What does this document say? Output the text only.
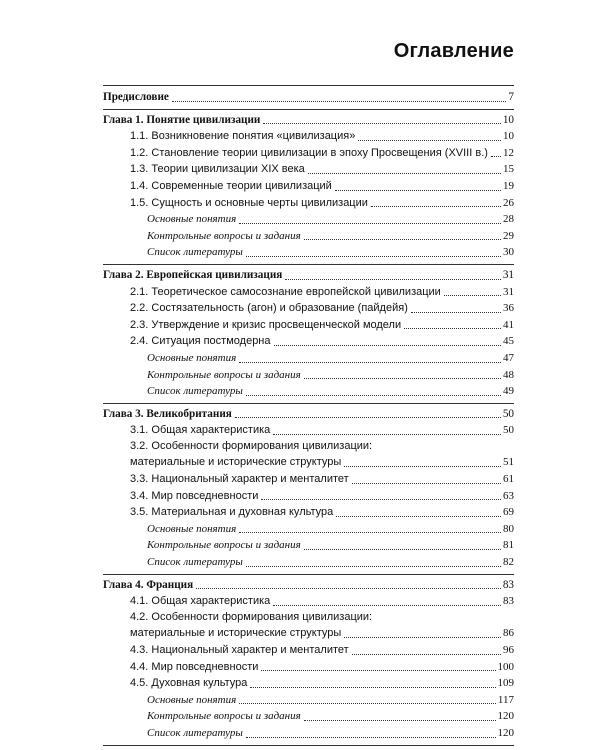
Оглавление
Предисловие	7
Глава 1. Понятие цивилизации	10
1.1. Возникновение понятия «цивилизация»	10
1.2. Становление теории цивилизации в эпоху Просвещения (XVIII в.) 12
1.3. Теории цивилизации XIX века	15
1.4. Современные теории цивилизаций	19
1.5. Сущность и основные черты цивилизации	26
Основные понятия	28
Контрольные вопросы и задания	29
Список литературы	30
Глава 2. Европейская цивилизация	31
2.1. Теоретическое самосознание европейской цивилизации	31
2.2. Состязательность (агон) и образование (пайдейя)	36
2.3. Утверждение и кризис просвещенческой модели	41
2.4. Ситуация постмодерна	45
Основные понятия	47
Контрольные вопросы и задания	48
Список литературы	49
Глава 3. Великобритания	50
3.1. Общая характеристика	50
3.2. Особенности формирования цивилизации:
материальные и исторические структуры	51
3.3. Национальный характер и менталитет	61
3.4. Мир повседневности	63
3.5. Материальная и духовная культура	69
Основные понятия	80
Контрольные вопросы и задания	81
Список литературы	82
Глава 4. Франция	83
4.1. Общая характеристика	83
4.2. Особенности формирования цивилизации:
материальные и исторические структуры	86
4.3. Национальный характер и менталитет	96
4.4. Мир повседневности	100
4.5. Духовная культура	109
Основные понятия	117
Контрольные вопросы и задания	120
Список литературы	120
